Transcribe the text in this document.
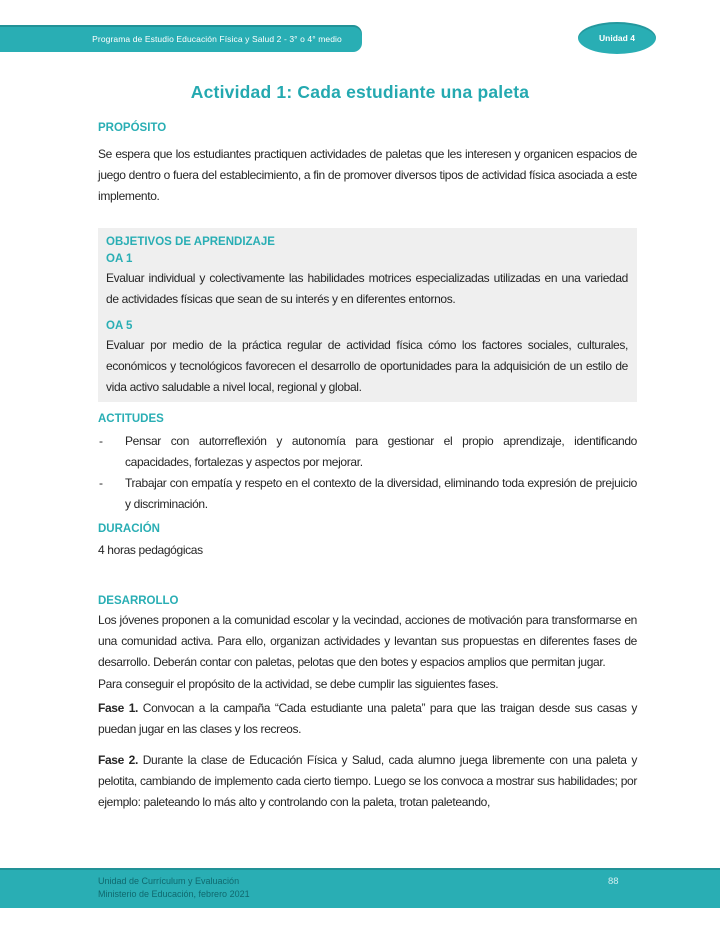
Programa de Estudio Educación Física y Salud 2 - 3° o 4° medio	Unidad 4
Actividad 1: Cada estudiante una paleta
PROPÓSITO

Se espera que los estudiantes practiquen actividades de paletas que les interesen y organicen espacios de juego dentro o fuera del establecimiento, a fin de promover diversos tipos de actividad física asociada a este implemento.

OBJETIVOS DE APRENDIZAJE
OA 1

Evaluar individual y colectivamente las habilidades motrices especializadas utilizadas en una variedad de actividades físicas que sean de su interés y en diferentes entornos.

OA 5

Evaluar por medio de la práctica regular de actividad física cómo los factores sociales, culturales, económicos y tecnológicos favorecen el desarrollo de oportunidades para la adquisición de un estilo de vida activo saludable a nivel local, regional y global.

ACTITUDES
- Pensar con autorreflexión y autonomía para gestionar el propio aprendizaje, identificando capacidades, fortalezas y aspectos por mejorar.
- Trabajar con empatía y respeto en el contexto de la diversidad, eliminando toda expresión de prejuicio y discriminación.
DURACIÓN

4 horas pedagógicas

DESARROLLO

Los jóvenes proponen a la comunidad escolar y la vecindad, acciones de motivación para transformarse en una comunidad activa. Para ello, organizan actividades y levantan sus propuestas en diferentes fases de desarrollo. Deberán contar con paletas, pelotas que den botes y espacios amplios que permitan jugar.

Para conseguir el propósito de la actividad, se debe cumplir las siguientes fases.

Fase 1. Convocan a la campaña “Cada estudiante una paleta” para que las traigan desde sus casas y puedan jugar en las clases y los recreos.

Fase 2. Durante la clase de Educación Física y Salud, cada alumno juega libremente con una paleta y pelotita, cambiando de implemento cada cierto tiempo. Luego se los convoca a mostrar sus habilidades; por ejemplo: paleteando lo más alto y controlando con la paleta, trotan paleteando,

Unidad de Currículum y Evaluación
Ministerio de Educación, febrero 2021
88
